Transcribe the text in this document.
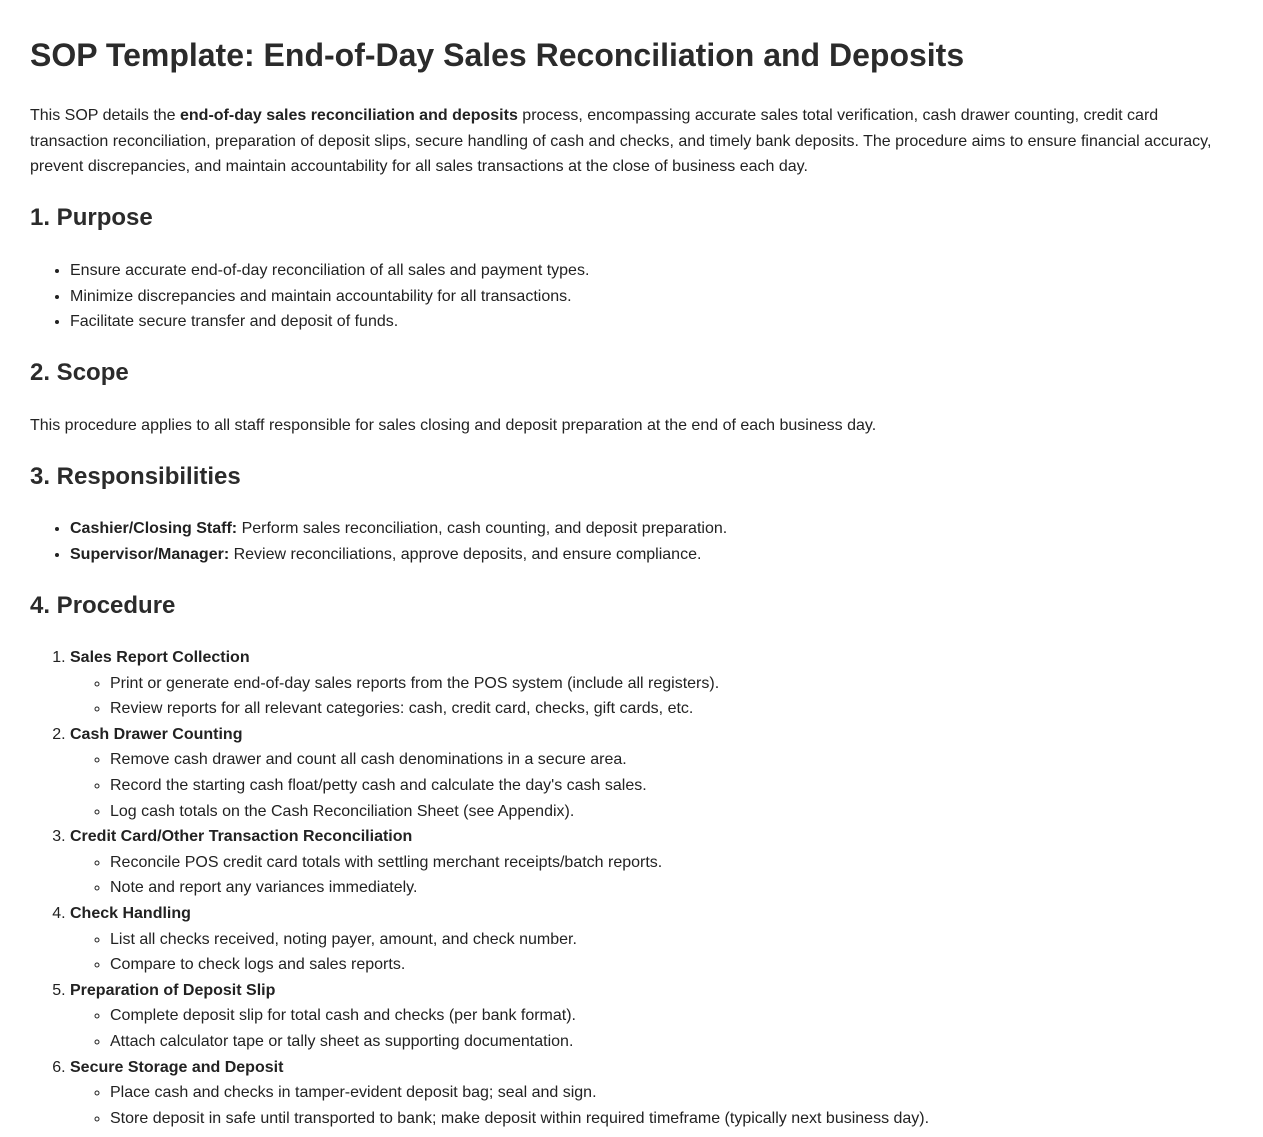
SOP Template: End-of-Day Sales Reconciliation and Deposits

This SOP details the end-of-day sales reconciliation and deposits process, encompassing accurate sales total verification, cash drawer counting, credit card transaction reconciliation, preparation of deposit slips, secure handling of cash and checks, and timely bank deposits. The procedure aims to ensure financial accuracy, prevent discrepancies, and maintain accountability for all sales transactions at the close of business each day.

1. Purpose
• Ensure accurate end-of-day reconciliation of all sales and payment types.
• Minimize discrepancies and maintain accountability for all transactions.
• Facilitate secure transfer and deposit of funds.
2. Scope

This procedure applies to all staff responsible for sales closing and deposit preparation at the end of each business day.

3. Responsibilities
• Cashier/Closing Staff: Perform sales reconciliation, cash counting, and deposit preparation.
• Supervisor/Manager: Review reconciliations, approve deposits, and ensure compliance.
4. Procedure
1. Sales Report Collection
◦ Print or generate end-of-day sales reports from the POS system (include all registers).
◦ Review reports for all relevant categories: cash, credit card, checks, gift cards, etc.
2. Cash Drawer Counting
◦ Remove cash drawer and count all cash denominations in a secure area.
◦ Record the starting cash float/petty cash and calculate the day's cash sales.
◦ Log cash totals on the Cash Reconciliation Sheet (see Appendix).
3. Credit Card/Other Transaction Reconciliation
◦ Reconcile POS credit card totals with settling merchant receipts/batch reports.
◦ Note and report any variances immediately.
4. Check Handling
◦ List all checks received, noting payer, amount, and check number.
◦ Compare to check logs and sales reports.
5. Preparation of Deposit Slip
◦ Complete deposit slip for total cash and checks (per bank format).
◦ Attach calculator tape or tally sheet as supporting documentation.
6. Secure Storage and Deposit
◦ Place cash and checks in tamper-evident deposit bag; seal and sign.
◦ Store deposit in safe until transported to bank; make deposit within required timeframe (typically next business day).
